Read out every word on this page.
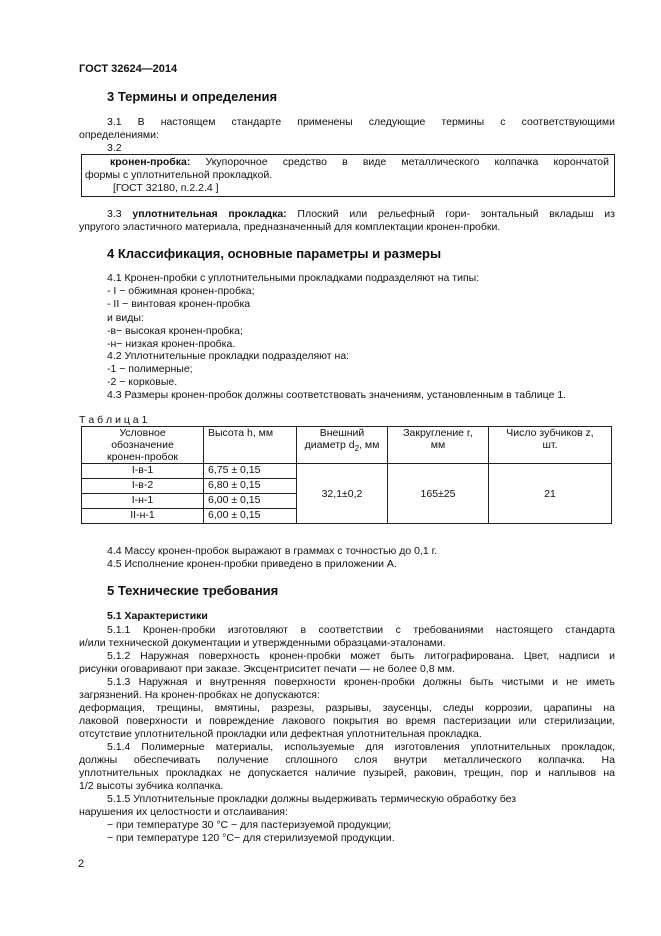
ГОСТ 32624—2014
3 Термины и определения
3.1 В настоящем стандарте применены следующие термины с соответствующими
определениями:
3.2
кронен-пробка: Укупорочное средство в виде металлического колпачка корончатой
формы с уплотнительной прокладкой.
[ГОСТ 32180, п.2.2.4 ]
3.3 уплотнительная прокладка: Плоский или рельефный гори- зонтальный вкладыш из
упругого эластичного материала, предназначенный для комплектации кронен-пробки.
4 Классификация, основные параметры и размеры
4.1 Кронен-пробки с уплотнительными прокладками подразделяют на типы:
- I − обжимная кронен-пробка;
- II − винтовая кронен-пробка
и виды:
-в− высокая кронен-пробка;
-н− низкая кронен-пробка.
4.2 Уплотнительные прокладки подразделяют на:
-1 − полимерные;
-2 − корковые.
4.3 Размеры кронен-пробок должны соответствовать значениям, установленным в таблице 1.
Т а б л и ц а 1
Условное
обозначение
кронен-пробок	Высота h, мм	Внешний
диаметр $d_2$, мм	Закругление r,
мм	Число зубчиков z,
шт.
I-в-1	6,75 ± 0,15	32,1±0,2	165±25	21
I-в-2	6,80 ± 0,15			
I-н-1	6,00 ± 0,15			
II-н-1	6,00 ± 0,15			
4.4 Массу кронен-пробок выражают в граммах с точностью до 0,1 г.
4.5 Исполнение кронен-пробки приведено в приложении А.
5 Технические требования
5.1 Характеристики
5.1.1 Кронен-пробки изготовляют в соответствии с требованиями настоящего стандарта
и/или технической документации и утвержденными образцами-эталонами.
5.1.2 Наружная поверхность кронен-пробки может быть литографирована. Цвет, надписи и
рисунки оговаривают при заказе. Эксцентриситет печати — не более 0,8 мм.
5.1.3 Наружная и внутренняя поверхности кронен-пробки должны быть чистыми и не иметь
загрязнений. На кронен-пробках не допускаются:
деформация, трещины, вмятины, разрезы, разрывы, заусенцы, следы коррозии, царапины на
лаковой поверхности и повреждение лакового покрытия во время пастеризации или стерилизации,
отсутствие уплотнительной прокладки или дефектная уплотнительная прокладка.
5.1.4 Полимерные материалы, используемые для изготовления уплотнительных прокладок,
должны обеспечивать получение сплошного слоя внутри металлического колпачка. На
уплотнительных прокладках не допускается наличие пузырей, раковин, трещин, пор и наплывов на
1/2 высоты зубчика колпачка.
5.1.5 Уплотнительные прокладки должны выдерживать термическую обработку без
нарушения их целостности и отслаивания:
− при температуре 30 °С − для пастеризуемой продукции;
− при температуре 120 °С− для стерилизуемой продукции.
2
